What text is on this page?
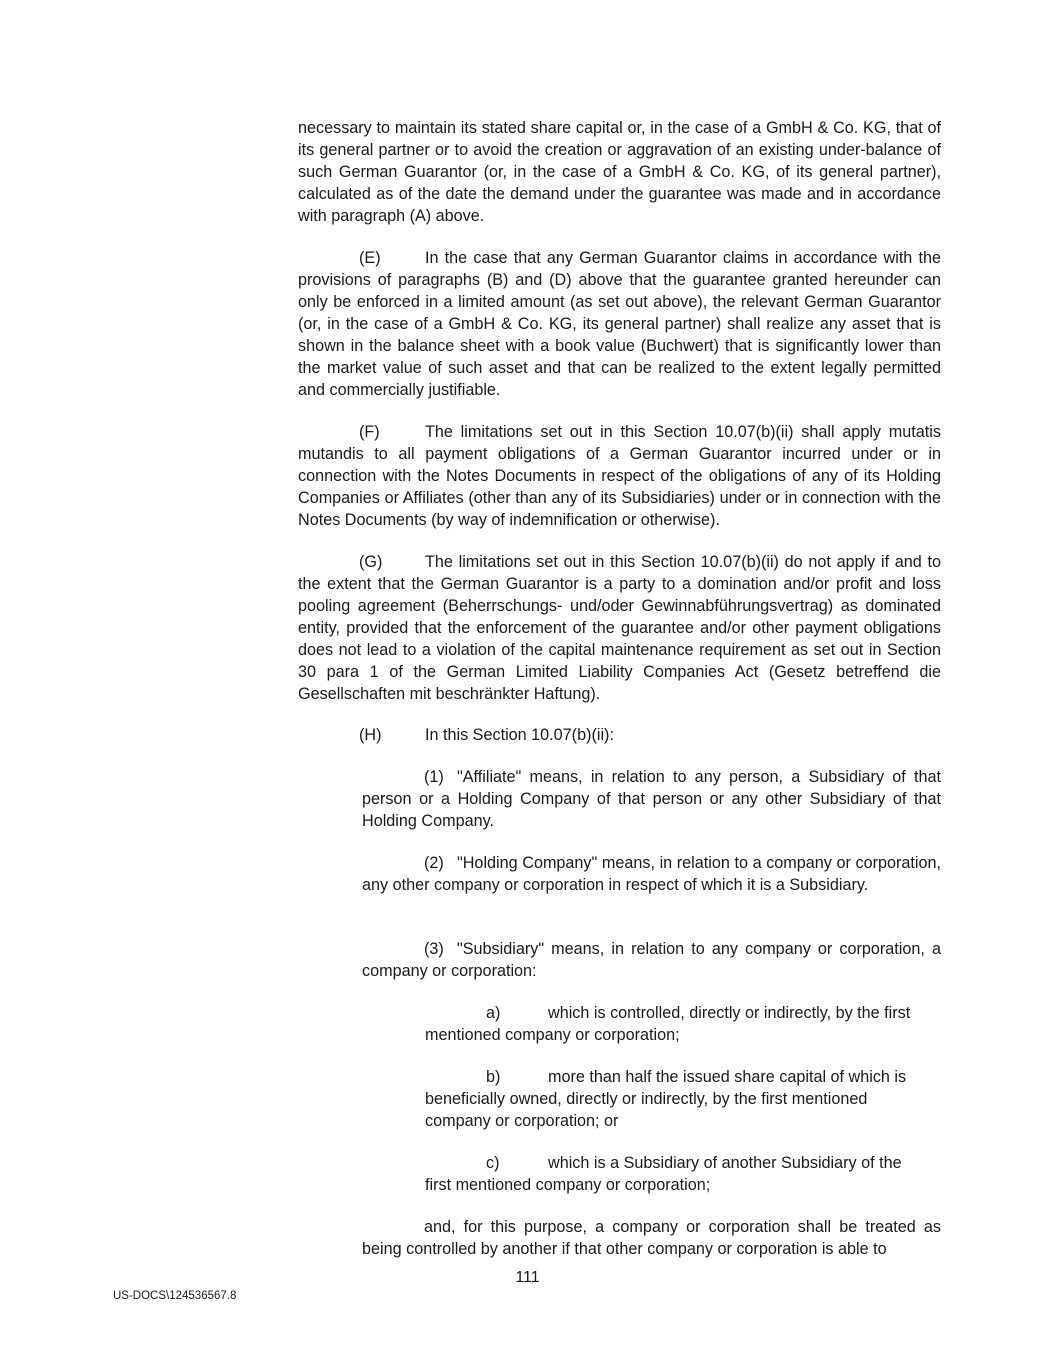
necessary to maintain its stated share capital or, in the case of a GmbH & Co. KG, that of its general partner or to avoid the creation or aggravation of an existing under-balance of such German Guarantor (or, in the case of a GmbH & Co. KG, of its general partner), calculated as of the date the demand under the guarantee was made and in accordance with paragraph (A) above.

(E)	In the case that any German Guarantor claims in accordance with the provisions of paragraphs (B) and (D) above that the guarantee granted hereunder can only be enforced in a limited amount (as set out above), the relevant German Guarantor (or, in the case of a GmbH & Co. KG, its general partner) shall realize any asset that is shown in the balance sheet with a book value (Buchwert) that is significantly lower than the market value of such asset and that can be realized to the extent legally permitted and commercially justifiable.

(F)	The limitations set out in this Section 10.07(b)(ii) shall apply mutatis mutandis to all payment obligations of a German Guarantor incurred under or in connection with the Notes Documents in respect of the obligations of any of its Holding Companies or Affiliates (other than any of its Subsidiaries) under or in connection with the Notes Documents (by way of indemnification or otherwise).

(G)	The limitations set out in this Section 10.07(b)(ii) do not apply if and to the extent that the German Guarantor is a party to a domination and/or profit and loss pooling agreement (Beherrschungs- und/oder Gewinnabführungsvertrag) as dominated entity, provided that the enforcement of the guarantee and/or other payment obligations does not lead to a violation of the capital maintenance requirement as set out in Section 30 para 1 of the German Limited Liability Companies Act (Gesetz betreffend die Gesellschaften mit beschränkter Haftung).

(H)	In this Section 10.07(b)(ii):

(1) "Affiliate" means, in relation to any person, a Subsidiary of that person or a Holding Company of that person or any other Subsidiary of that Holding Company.

(2) "Holding Company" means, in relation to a company or corporation, any other company or corporation in respect of which it is a Subsidiary.

(3) "Subsidiary" means, in relation to any company or corporation, a company or corporation:

a)	which is controlled, directly or indirectly, by the first mentioned company or corporation;

b)	more than half the issued share capital of which is beneficially owned, directly or indirectly, by the first mentioned company or corporation; or

c)	which is a Subsidiary of another Subsidiary of the first mentioned company or corporation;

and, for this purpose, a company or corporation shall be treated as being controlled by another if that other company or corporation is able to

111
US-DOCS\124536567.8
